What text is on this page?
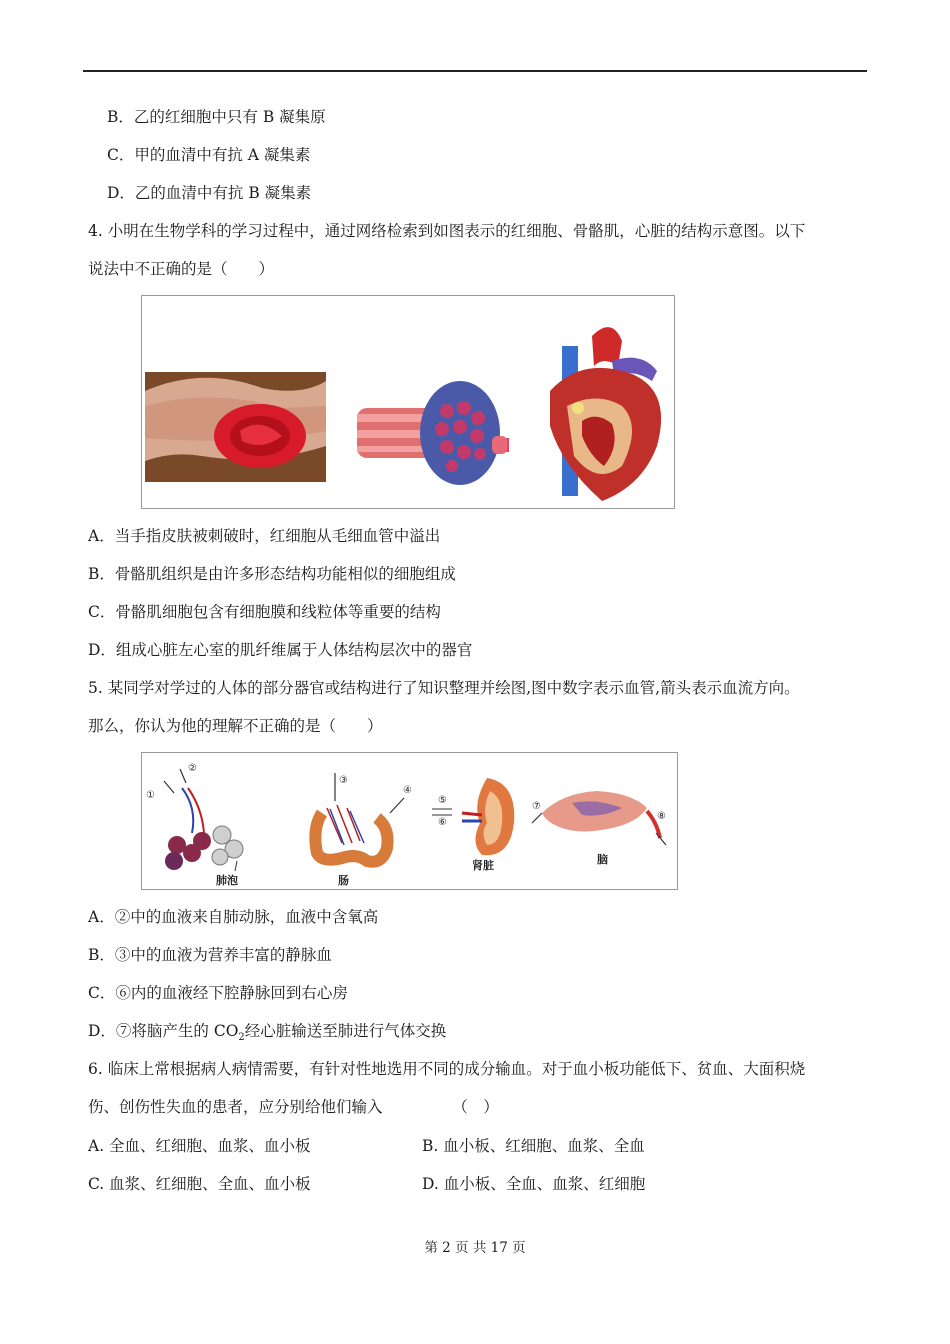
B．乙的红细胞中只有 B 凝集原
C．甲的血清中有抗 A 凝集素
D．乙的血清中有抗 B 凝集素
4. 小明在生物学科的学习过程中，通过网络检索到如图表示的红细胞、骨骼肌，心脏的结构示意图。以下
说法中不正确的是（　　）
A．当手指皮肤被刺破时，红细胞从毛细血管中溢出
B．骨骼肌组织是由许多形态结构功能相似的细胞组成
C．骨骼肌细胞包含有细胞膜和线粒体等重要的结构
D．组成心脏左心室的肌纤维属于人体结构层次中的器官
5. 某同学对学过的人体的部分器官或结构进行了知识整理并绘图,图中数字表示血管,箭头表示血流方向。
那么，你认为他的理解不正确的是（　　）
①
②
肺泡
③
④
肠
⑤
⑥
肾脏
⑦
⑧
脑
A．②中的血液来自肺动脉，血液中含氧高
B．③中的血液为营养丰富的静脉血
C．⑥内的血液经下腔静脉回到右心房
D．⑦将脑产生的 $CO_2$经心脏输送至肺进行气体交换
6. 临床上常根据病人病情需要，有针对性地选用不同的成分输血。对于血小板功能低下、贫血、大面积烧
伤、创伤性失血的患者，应分别给他们输入　　　　　（　）
A. 全血、红细胞、血浆、血小板	B. 血小板、红细胞、血浆、全血
C. 血浆、红细胞、全血、血小板	D. 血小板、全血、血浆、红细胞
第 2 页 共 17 页
